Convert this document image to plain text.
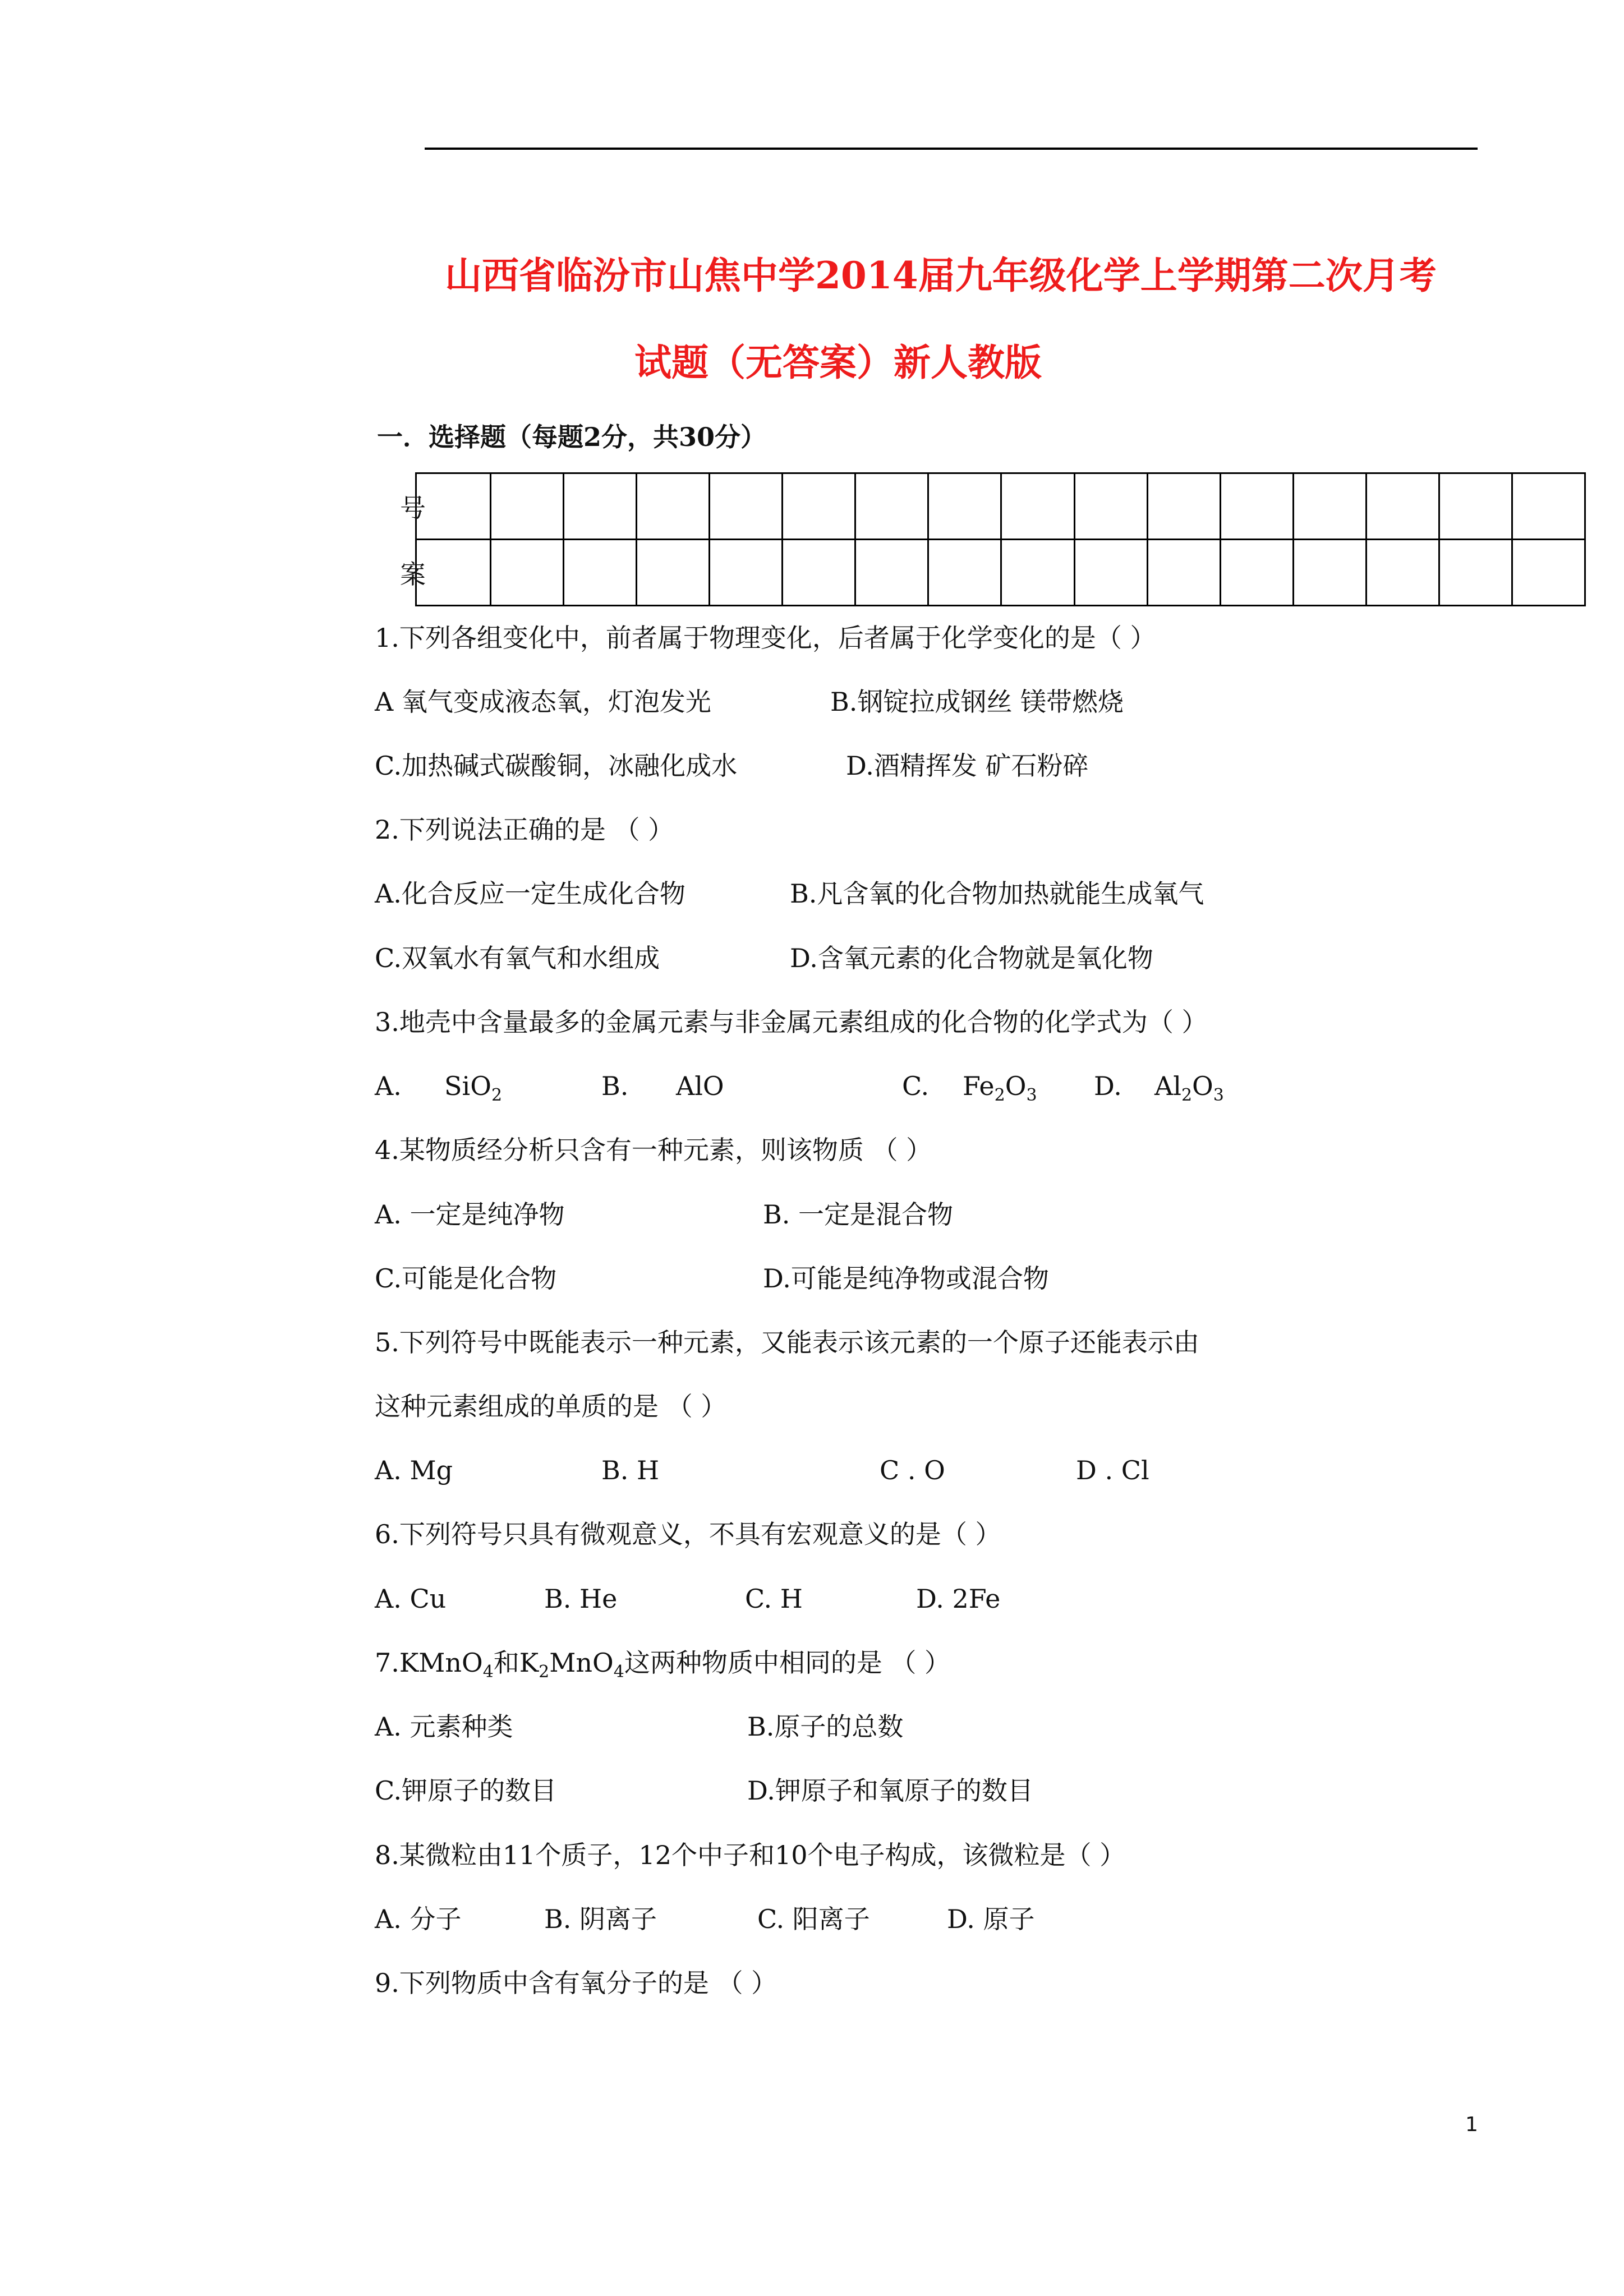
山西省临汾市山焦中学2014届九年级化学上学期第二次月考
试题（无答案）新人教版
一．选择题（每题2分，共30分）
号															
案															
1.下列各组变化中，前者属于物理变化，后者属于化学变化的是（ ）
A 氧气变成液态氧，灯泡发光	B.钢锭拉成钢丝 镁带燃烧
C.加热碱式碳酸铜，冰融化成水	D.酒精挥发 矿石粉碎
2.下列说法正确的是 （ ）
A.化合反应一定生成化合物	B.凡含氧的化合物加热就能生成氧气
C.双氧水有氧气和水组成	D.含氧元素的化合物就是氧化物
3.地壳中含量最多的金属元素与非金属元素组成的化合物的化学式为（ ）
A. SiO$_2$	B. AlO	C. $Fe_2O_3$ D. $Al_2O_3$
4.某物质经分析只含有一种元素，则该物质 （ ）
A. 一定是纯净物	B. 一定是混合物
C.可能是化合物	D.可能是纯净物或混合物
5.下列符号中既能表示一种元素，又能表示该元素的一个原子还能表示由
这种元素组成的单质的是 （ ）
A. Mg	B. H	C . O	D . Cl
6.下列符号只具有微观意义，不具有宏观意义的是（ ）
A. Cu	B. He	C. H	D. 2Fe
7.KMnO$_4$和$K_2MnO_4$这两种物质中相同的是 （ ）
A. 元素种类	B.原子的总数
C.钾原子的数目	D.钾原子和氧原子的数目
8.某微粒由11个质子，12个中子和10个电子构成，该微粒是（ ）
A. 分子	B. 阴离子	C. 阳离子	D. 原子
9.下列物质中含有氧分子的是 （ ）
1
